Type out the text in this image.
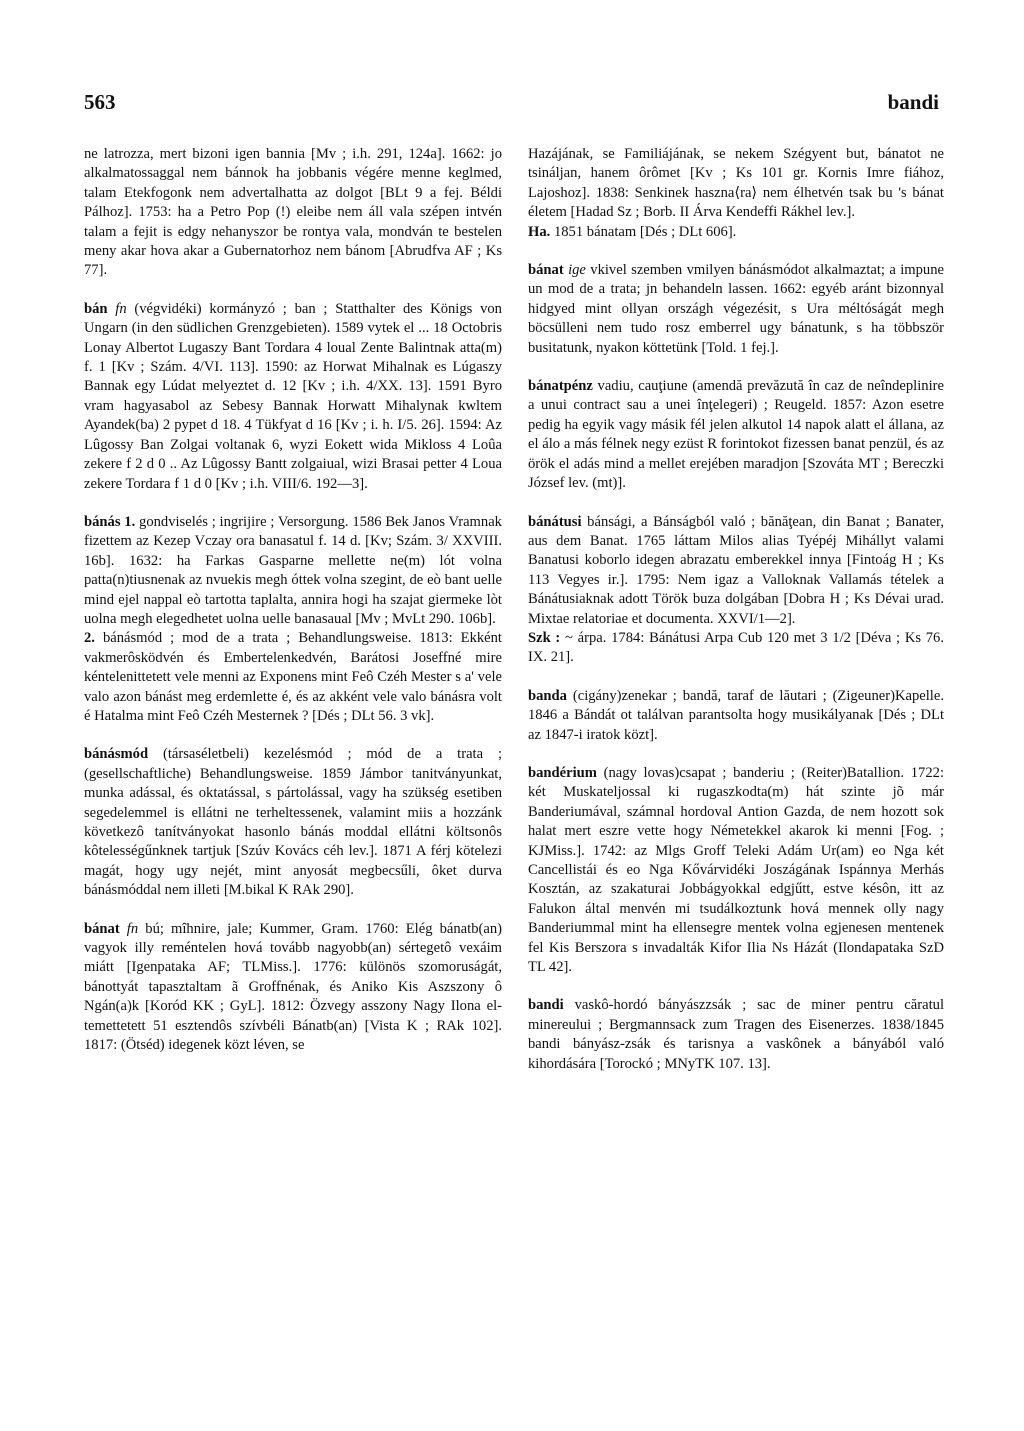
563	bandi

ne latrozza, mert bizoni igen bannia [Mv ; i.h. 291, 124a]. 1662: jo alkalmatossaggal nem bánnok ha jobbanis végére menne keglmed, talam Etekfogonk nem advertalhatta az dolgot [BLt 9 a fej. Béldi Pálhoz]. 1753: ha a Petro Pop (!) eleibe nem áll vala szépen intvén talam a fejit is edgy nehanyszor be rontya vala, mondván te bestelen meny akar hova akar a Gubernatorhoz nem bánom [Abrudfva AF ; Ks 77].

bán fn (végvidéki) kormányzó ; ban ; Statthalter des Königs von Ungarn (in den südlichen Grenzgebieten). 1589 vytek el ... 18 Octobris Lonay Albertot Lugaszy Bant Tordara 4 loual Zente Balintnak atta(m) f. 1 [Kv ; Szám. 4/VI. 113]. 1590: az Horwat Mihalnak es Lúgaszy Bannak egy Lúdat melyeztet d. 12 [Kv ; i.h. 4/XX. 13]. 1591 Byro vram hagyasabol az Sebesy Bannak Horwatt Mihalynak kwltem Ayandek(ba) 2 pypet d 18. 4 Tükfyat d 16 [Kv ; i. h. I/5. 26]. 1594: Az Lûgossy Ban Zolgai voltanak 6, wyzi Eokett wida Mikloss 4 Loûa zekere f 2 d 0 .. Az Lûgossy Bantt zolgaiual, wizi Brasai petter 4 Loua zekere Tordara f 1 d 0 [Kv ; i.h. VIII/6. 192—3].

bánás 1. gondviselés ; ingrijire ; Versorgung. 1586 Bek Janos Vramnak fizettem az Kezep Vczay ora banasatul f. 14 d. [Kv; Szám. 3/ XXVIII. 16b]. 1632: ha Farkas Gasparne mellette ne(m) lót volna patta(n)tiusnenak az nvuekis megh óttek volna szegint, de eò bant uelle mind ejel nappal eò tartotta taplalta, annira hogi ha szajat giermeke lòt uolna megh elegedhetet uolna uelle banasaual [Mv ; MvLt 290. 106b].

2. bánásmód ; mod de a trata ; Behandlungsweise. 1813: Ekként vakmerôsködvén és Embertelenkedvén, Barátosi Joseffné mire kéntelenittetett vele menni az Exponens mint Feô Czéh Mester s a' vele valo azon bánást meg erdemlette é, és az akként vele valo bánásra volt é Hatalma mint Feô Czéh Mesternek ? [Dés ; DLt 56. 3 vk].

bánásmód (társaséletbeli) kezelésmód ; mód de a trata ; (gesellschaftliche) Behandlungsweise. 1859 Jámbor tanitványunkat, munka adással, és oktatással, s pártolással, vagy ha szükség esetiben segedelemmel is ellátni ne terheltessenek, valamint miis a hozzánk következô tanítványokat hasonlo bánás moddal ellátni költsonôs kôtelességűnknek tartjuk [Szúv Kovács céh lev.]. 1871 A férj kötelezi magát, hogy ugy nejét, mint anyosát megbecsűli, ôket durva bánásmóddal nem illeti [M.bikal K RAk 290].

bánat fn bú; mîhnire, jale; Kummer, Gram. 1760: Elég bánatb(an) vagyok illy reméntelen hová tovább nagyobb(an) sértegetô vexáim miátt [Igenpataka AF; TLMiss.]. 1776: különös szomoruságát, bánottyát tapasztaltam ã Groffnénak, és Aniko Kis Aszszony ô Ngán(a)k [Koród KK ; GyL]. 1812: Özvegy asszony Nagy Ilona el-temettetett 51 esztendôs szívbéli Bánatb(an) [Vista K ; RAk 102]. 1817: (Ötséd) idegenek közt léven, se

Hazájának, se Familiájának, se nekem Szégyent but, bánatot ne tsinálјan, hanem ôrômet [Kv ; Ks 101 gr. Kornis Imre fiához, Lajoshoz]. 1838: Senkinek haszna⟨ra⟩ nem élhetvén tsak bu 's bánat életem [Hadad Sz ; Borb. II Árva Kendeffi Rákhel lev.].

Ha. 1851 bánatam [Dés ; DLt 606].

bánat ige vkivel szemben vmilyen bánásmódot alkalmaztat; a impune un mod de a trata; jn behandeln lassen. 1662: egyéb aránt bizonnyal hidgyed mint ollyan országh végezésit, s Ura méltóságát megh böcsülleni nem tudo rosz emberrel ugy bánatunk, s ha többször busitatunk, nyakon köttetünk [Told. 1 fej.].

bánatpénz vadiu, cauţiune (amendă prevăzută în caz de neîndeplinire a unui contract sau a unei înţelegeri) ; Reugeld. 1857: Azon esetre pedig ha egyik vagy másik fél jelen alkutol 14 napok alatt el állana, az el álo a más félnek negy ezüst R forintokot fizessen banat penzül, és az örök el adás mind a mellet erejében maradjon [Szováta MT ; Bereczki József lev. (mt)].

bánátusi bánsági, a Bánságból való ; bănăţean, din Banat ; Banater, aus dem Banat. 1765 láttam Milos alias Tyépéj Mihállyt valami Banatusi koborlo idegen abrazatu emberekkel innya [Fintoág H ; Ks 113 Vegyes ir.]. 1795: Nem igaz a Valloknak Vallamás tételek a Bánátusiaknak adott Török buza dolgában [Dobra H ; Ks Dévai urad. Mixtae relatoriae et documenta. XXVI/1—2].

Szk : ~ árpa. 1784: Bánátusi Arpa Cub 120 met 3 1/2 [Déva ; Ks 76. IX. 21].

banda (cigány)zenekar ; bandă, taraf de lăutari ; (Zigeuner)Kapelle. 1846 a Bándát ot találvan parantsolta hogy musikályanak [Dés ; DLt az 1847-i iratok közt].

bandérium (nagy lovas)csapat ; banderiu ; (Reiter)Batallion. 1722: két Muskateljossal ki rugaszkodta(m) hát szinte jõ már Banderiumával, számnal hordoval Antion Gazda, de nem hozott sok halat mert eszre vette hogy Németekkel akarok ki menni [Fog. ; KJMiss.]. 1742: az Mlgs Groff Teleki Adám Ur(am) eo Nga két Cancellistái és eo Nga Kővárvidéki Joszágának Ispánnya Merhás Kosztán, az szakaturai Jobbágyokkal edgjűtt, estve késôn, itt az Falukon által menvén mi tsudálkoztunk hová mennek olly nagy Banderiummal mint ha ellensegre mentek volna egjenesen mentenek fel Kis Berszora s invadalták Kifor Ilia Ns Házát (Ilondapataka SzD TL 42].

bandi vaskô-hordó bányászzsák ; sac de miner pentru căratul minereului ; Bergmannsack zum Tragen des Eisenerzes. 1838/1845 bandi bányász-zsák és tarisnya a vaskônek a bányából való kihordására [Torockó ; MNyTK 107. 13].
